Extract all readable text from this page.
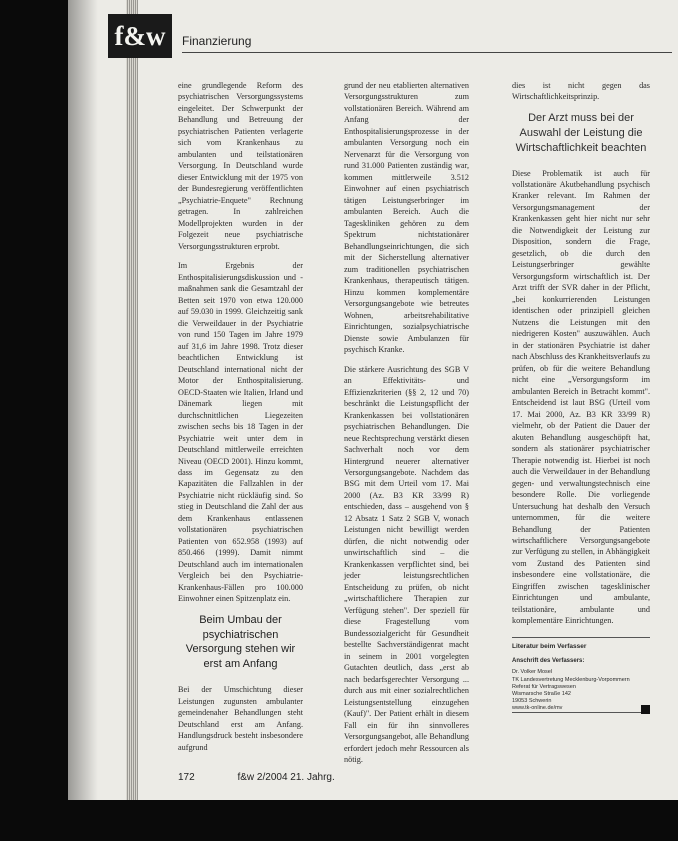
f&w	Finanzierung

eine grundlegende Reform des psychiatrischen Versorgungssystems eingeleitet. Der Schwerpunkt der Behandlung und Betreuung der psychiatrischen Patienten verlagerte sich vom Krankenhaus zu ambulanten und teilstationären Versorgung. In Deutschland wurde dieser Entwicklung mit der 1975 von der Bundesregierung veröffentlichten „Psychiatrie-Enquete" Rechnung getragen. In zahlreichen Modellprojekten wurden in der Folgezeit neue psychiatrische Versorgungsstrukturen erprobt.

Im Ergebnis der Enthospitalisierungsdiskussion und -maßnahmen sank die Gesamtzahl der Betten seit 1970 von etwa 120.000 auf 59.030 in 1999. Gleichzeitig sank die Verweildauer in der Psychiatrie von rund 150 Tagen im Jahre 1979 auf 31,6 im Jahre 1998. Trotz dieser beachtlichen Entwicklung ist Deutschland international nicht der Motor der Enthospitalisierung. OECD-Staaten wie Italien, Irland und Dänemark liegen mit durchschnittlichen Liegezeiten zwischen sechs bis 18 Tagen in der Psychiatrie weit unter dem in Deutschland mittlerweile erreichten Niveau (OECD 2001). Hinzu kommt, dass im Gegensatz zu den Kapazitäten die Fallzahlen in der Psychiatrie nicht rückläufig sind. So stieg in Deutschland die Zahl der aus dem Krankenhaus entlassenen vollstationären psychiatrischen Patienten von 652.958 (1993) auf 850.466 (1999). Damit nimmt Deutschland auch im internationalen Vergleich bei den Psychiatrie-Krankenhaus-Fällen pro 100.000 Einwohner einen Spitzenplatz ein.

Beim Umbau der psychiatrischen Versorgung stehen wir erst am Anfang

Bei der Umschichtung dieser Leistungen zugunsten ambulanter gemeindenaher Behandlungen steht Deutschland erst am Anfang. Handlungsdruck besteht insbesondere aufgrund

grund der neu etablierten alternativen Versorgungsstrukturen zum vollstationären Bereich. Während am Anfang der Enthospitalisierungsprozesse in der ambulanten Versorgung noch ein Nervenarzt für die Versorgung von rund 31.000 Patienten zuständig war, kommen mittlerweile 3.512 Einwohner auf einen psychiatrisch tätigen Leistungserbringer im ambulanten Bereich. Auch die Tageskliniken gehören zu dem Spektrum nichtstationärer Behandlungseinrichtungen, die sich mit der Sicherstellung alternativer zum traditionellen psychiatrischen Krankenhaus, therapeutisch tätigen. Hinzu kommen komplementäre Versorgungsangebote wie betreutes Wohnen, arbeitsrehabilitative Einrichtungen, sozialpsychiatrische Dienste sowie Ambulanzen für psychisch Kranke.

Die stärkere Ausrichtung des SGB V an Effektivitäts- und Effizienzkriterien (§§ 2, 12 und 70) beschränkt die Leistungspflicht der Krankenkassen bei vollstationären psychiatrischen Behandlungen. Die neue Rechtsprechung verstärkt diesen Sachverhalt noch vor dem Hintergrund neuerer alternativer Versorgungsangebote. Nachdem das BSG mit dem Urteil vom 17. Mai 2000 (Az. B3 KR 33/99 R) entschieden, dass – ausgehend von § 12 Absatz 1 Satz 2 SGB V, wonach Leistungen nicht bewilligt werden dürfen, die nicht notwendig oder unwirtschaftlich sind – die Krankenkassen verpflichtet sind, bei jeder leistungsrechtlichen Entscheidung zu prüfen, ob nicht „wirtschaftlichere Therapien zur Verfügung stehen". Der speziell für diese Fragestellung vom Bundessozialgericht für Gesundheit bestellte Sachverständigenrat macht in seinem in 2001 vorgelegten Gutachten deutlich, dass „erst ab nach bedarfsgerechter Versorgung ... durch aus mit einer sozialrechtlichen Leistungsentstellung einzugehen (Kauf)". Der Patient erhält in diesem Fall ein für ihn sinnvolleres Versorgungsangebot, alle Behandlung erfordert jedoch mehr Ressourcen als nötig.

dies ist nicht gegen das Wirtschaftlichkeitsprinzip.

Der Arzt muss bei der Auswahl der Leistung die Wirtschaftlichkeit beachten

Diese Problematik ist auch für vollstationäre Akutbehandlung psychisch Kranker relevant. Im Rahmen der Versorgungsmanagement der Krankenkassen geht hier nicht nur sehr die Notwendigkeit der Leistung zur Disposition, sondern die Frage, gesetzlich, ob die durch den Leistungserbringer gewählte Versorgungsform wirtschaftlich ist. Der Arzt trifft der SVR daher in der Pflicht, „bei konkurrierenden Leistungen identischen oder prinzipiell gleichen Nutzens die Leistungen mit den niedrigeren Kosten" auszuwählen. Auch in der stationären Psychiatrie ist daher nach Abschluss des Krankheitsverlaufs zu prüfen, ob für die weitere Behandlung nicht eine „Versorgungsform im ambulanten Bereich in Betracht kommt". Entscheidend ist laut BSG (Urteil vom 17. Mai 2000, Az. B3 KR 33/99 R) vielmehr, ob der Patient die Dauer der akuten Behandlung ausgeschöpft hat, sondern als stationärer psychiatrischer Therapie notwendig ist. Hierbei ist noch auch die Verweildauer in der Behandlung gegen- und verwaltungstechnisch eine besondere Rolle. Die vorliegende Untersuchung hat deshalb den Versuch unternommen, für die weitere Behandlung der Patienten wirtschaftlichere Versorgungsangebote zur Verfügung zu stellen, in Abhängigkeit vom Zustand des Patienten sind insbesondere eine vollstationäre, die Eingriffen zwischen tagesklinischer Einrichtungen und ambulante, teilstationäre, ambulante und komplementäre Einrichtungen.

Literatur beim Verfasser
Anschrift des Verfassers:
Dr. Volker Mosel
TK Landesvertretung Mecklenburg-Vorpommern
Referat für Vertragswesen
Wismarsche Straße 142
19053 Schwerin
www.tk-online.de/mv
172	f&w 2/2004 21. Jahrg.
